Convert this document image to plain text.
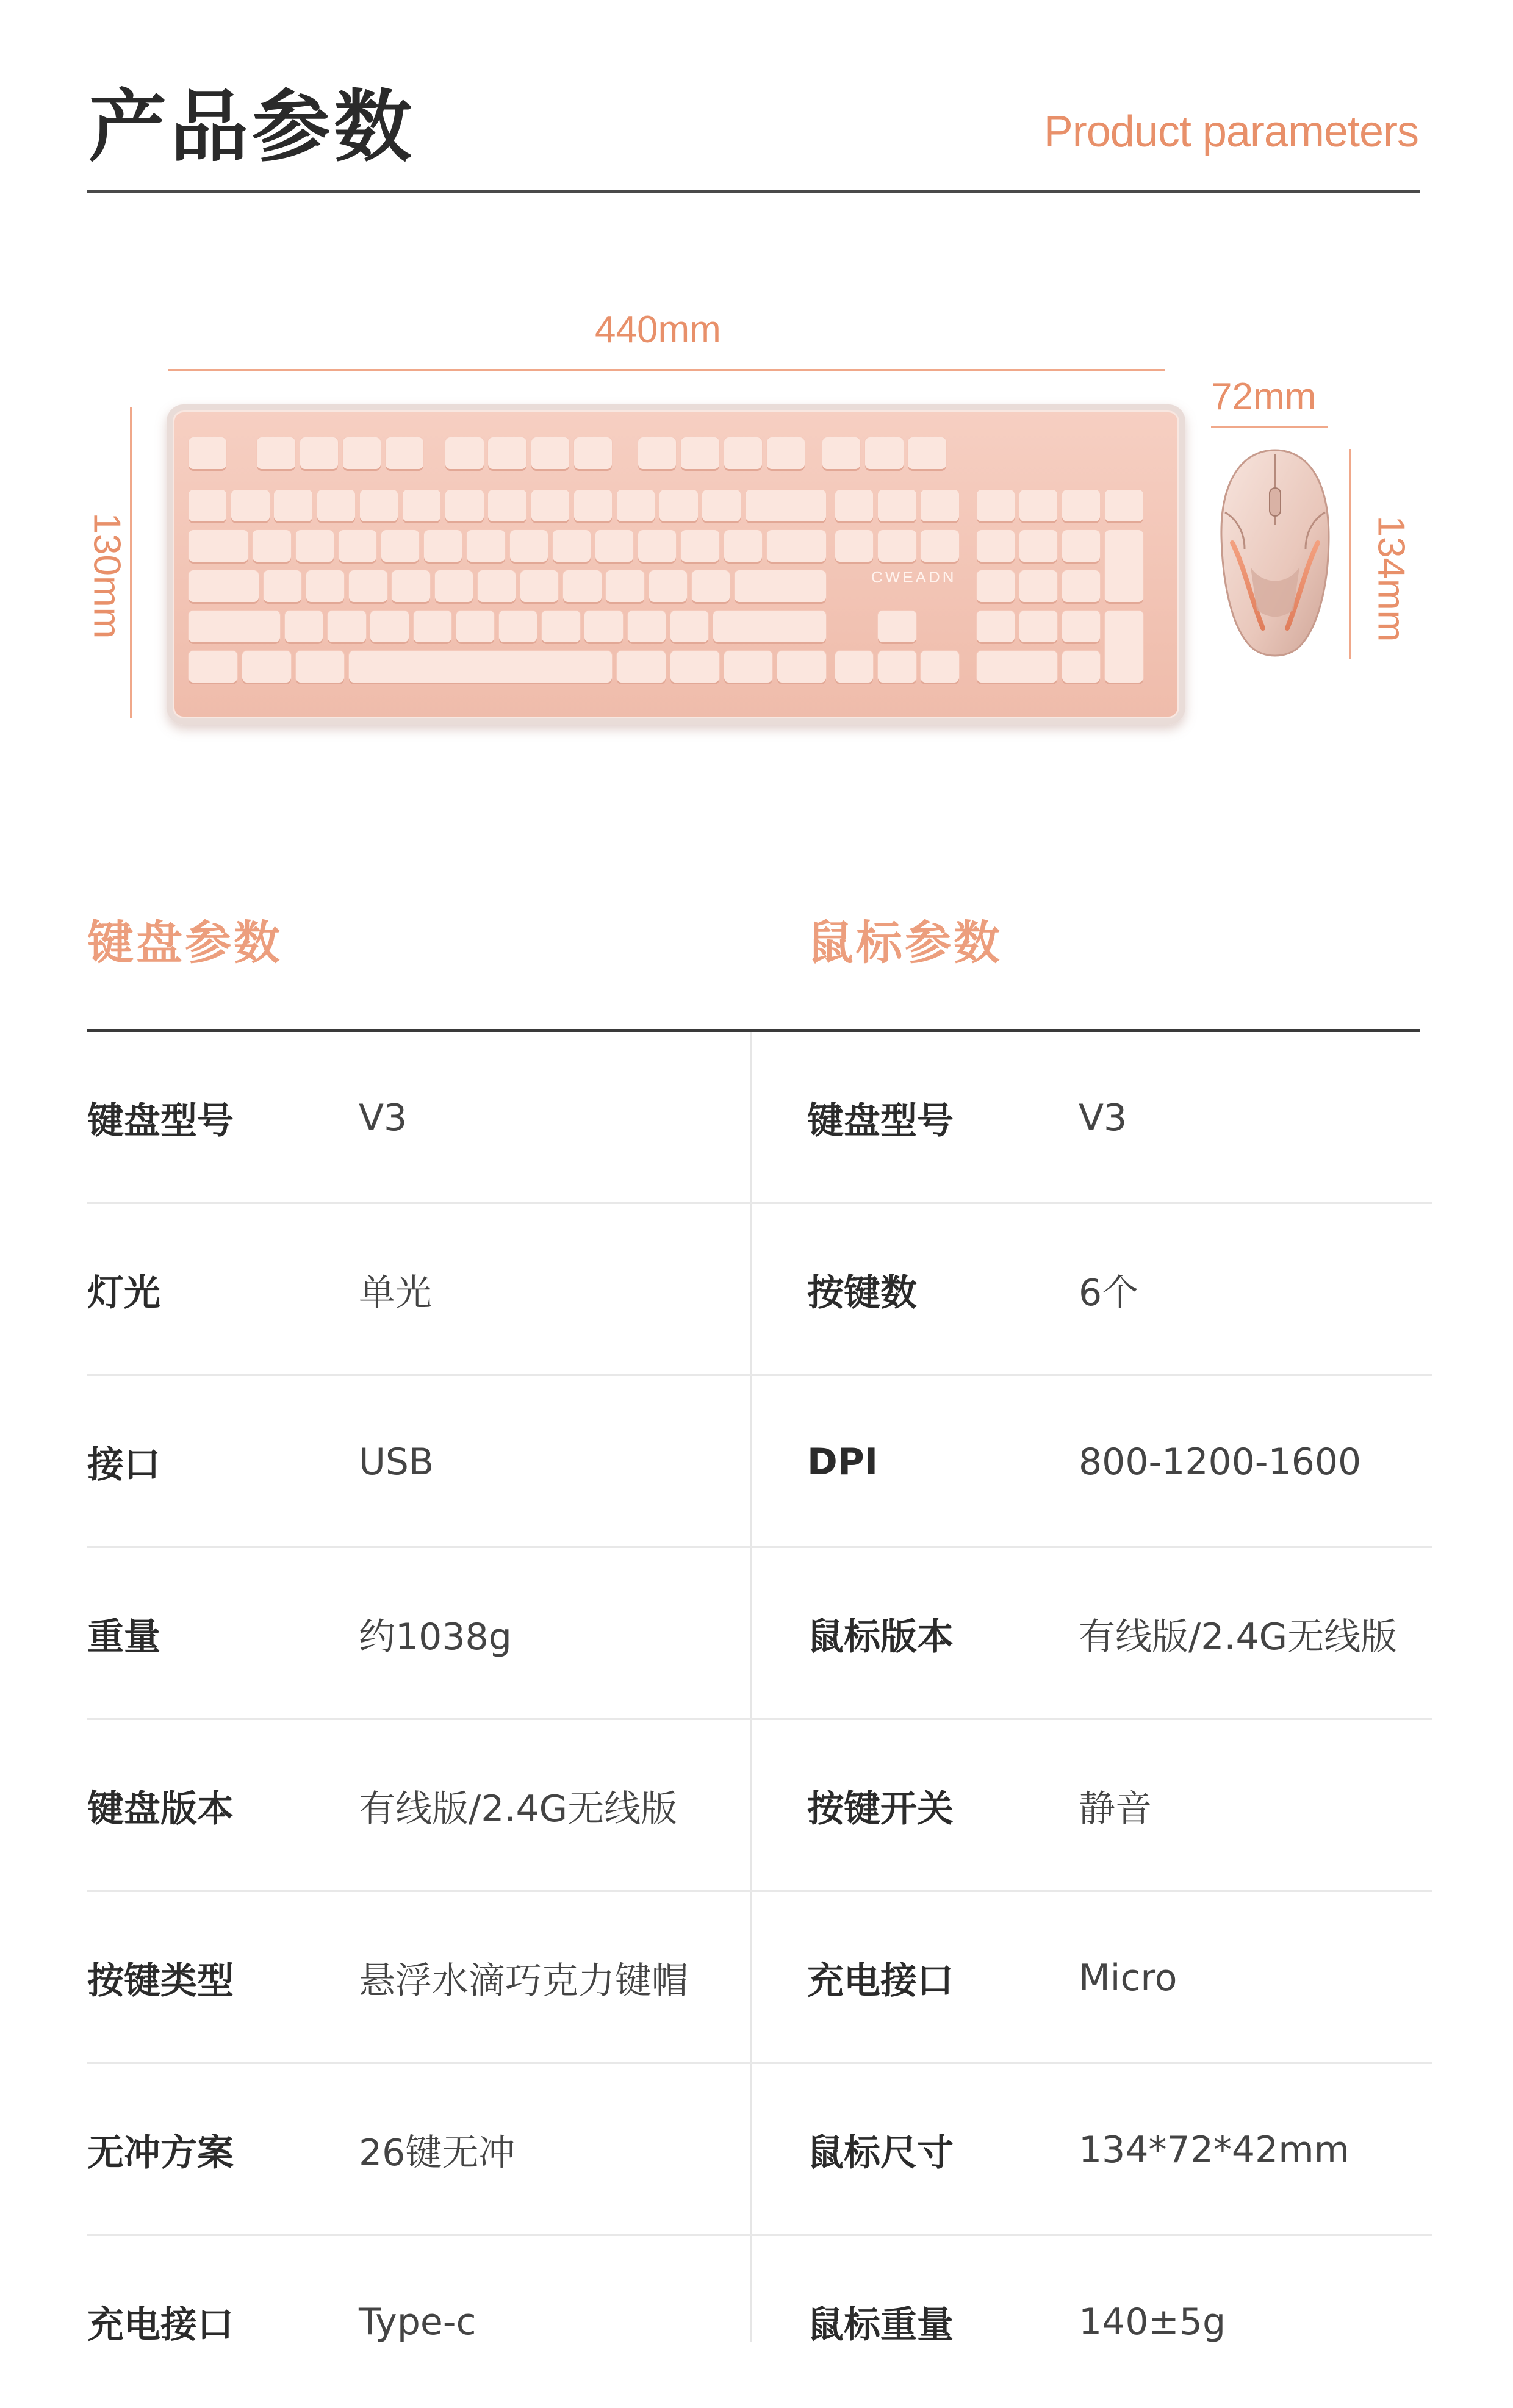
产品参数	Product parameters
440mm
130mm
72mm
134mm
CWEADN
键盘参数	鼠标参数
键盘型号	V3	键盘型号	V3
灯光	单光	按键数	6个
接口	USB	DPI	800-1200-1600
重量	约1038g	鼠标版本	有线版/2.4G无线版
键盘版本	有线版/2.4G无线版	按键开关	静音
按键类型	悬浮水滴巧克力键帽	充电接口	Micro
无冲方案	26键无冲	鼠标尺寸	134*72*42mm
充电接口	Type-c	鼠标重量	140±5g
